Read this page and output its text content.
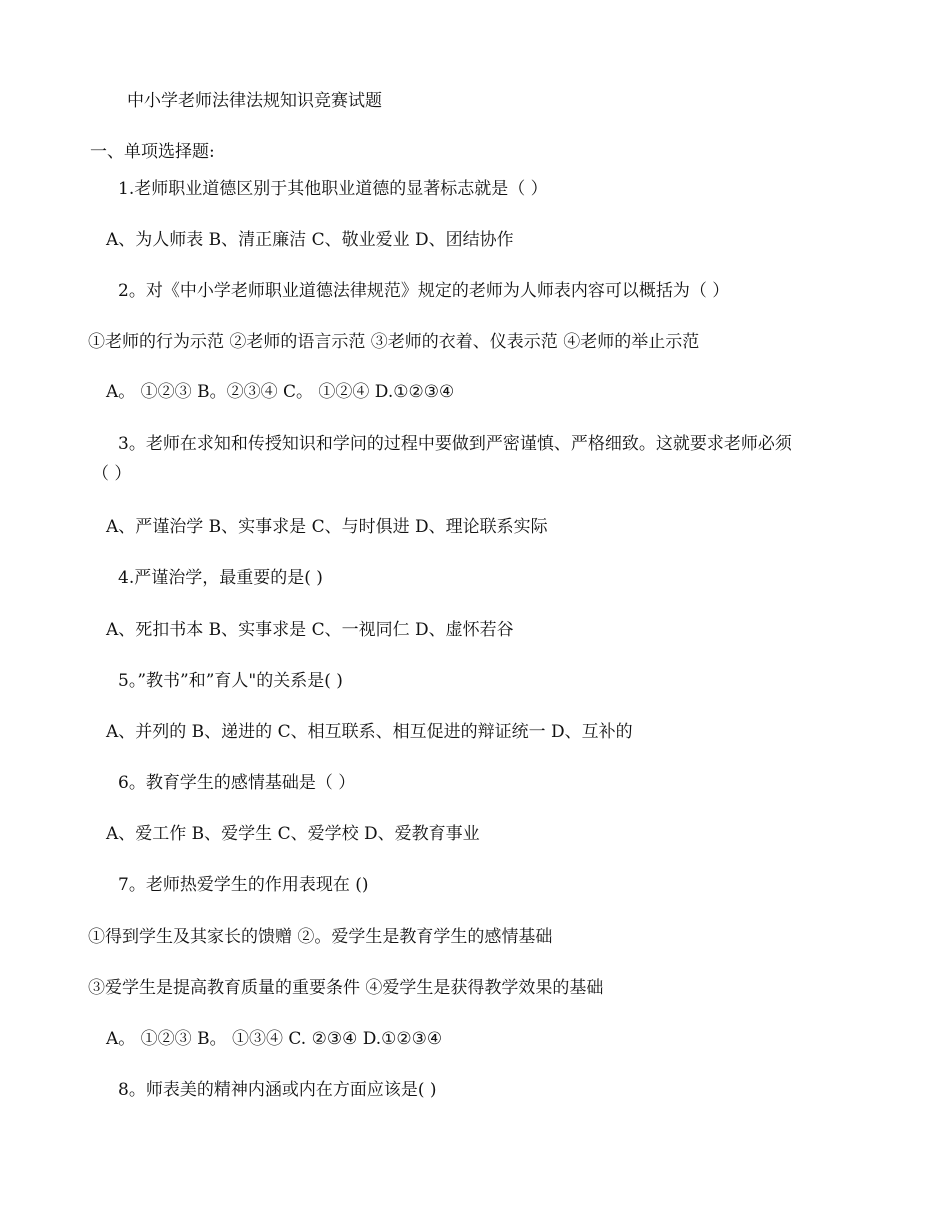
中小学老师法律法规知识竞赛试题
一、单项选择题:
1.老师职业道德区别于其他职业道德的显著标志就是（ ）
A、为人师表 B、清正廉洁 C、敬业爱业 D、团结协作
2。对《中小学老师职业道德法律规范》规定的老师为人师表内容可以概括为（ ）
①老师的行为示范 ②老师的语言示范 ③老师的衣着、仪表示范 ④老师的举止示范
A。 ①②③ B。②③④ C。 ①②④ D.①②③④
3。老师在求知和传授知识和学问的过程中要做到严密谨慎、严格细致。这就要求老师必须
（ ）
A、严谨治学 B、实事求是 C、与时俱进 D、理论联系实际
4.严谨治学，最重要的是( )
A、死扣书本 B、实事求是 C、一视同仁 D、虚怀若谷
5。”教书”和”育人"的关系是( )
A、并列的 B、递进的 C、相互联系、相互促进的辩证统一 D、互补的
6。教育学生的感情基础是（ ）
A、爱工作 B、爱学生 C、爱学校 D、爱教育事业
7。老师热爱学生的作用表现在 ()
①得到学生及其家长的馈赠 ②。爱学生是教育学生的感情基础
③爱学生是提高教育质量的重要条件 ④爱学生是获得教学效果的基础
A。 ①②③ B。 ①③④ C. ②③④ D.①②③④
8。师表美的精神内涵或内在方面应该是( )
